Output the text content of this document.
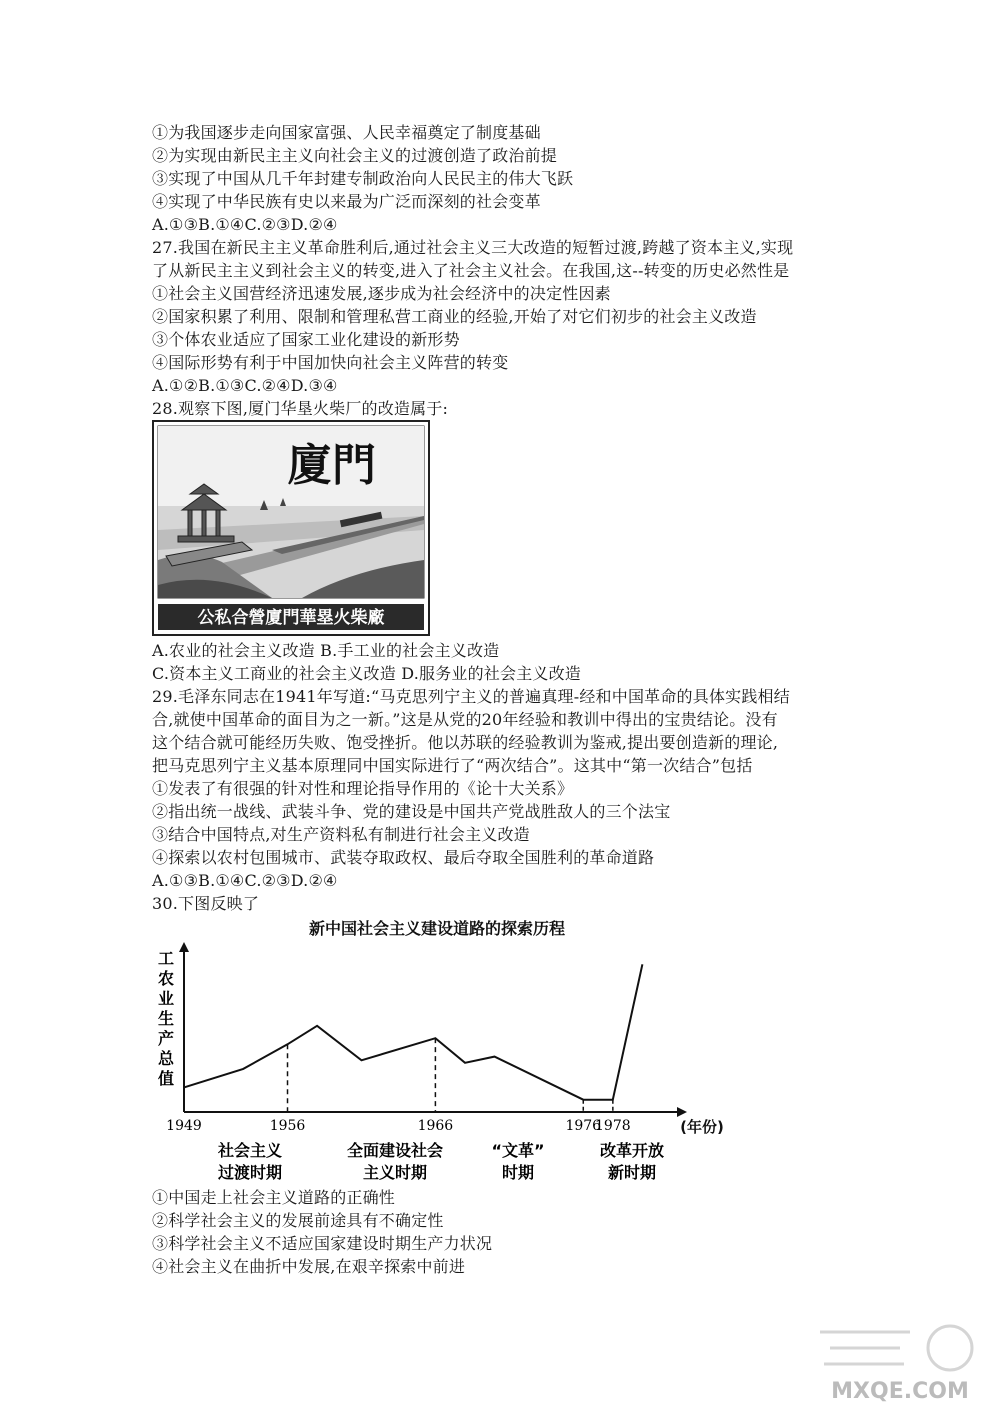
①为我国逐步走向国家富强、人民幸福奠定了制度基础
②为实现由新民主主义向社会主义的过渡创造了政治前提
③实现了中国从几千年封建专制政治向人民民主的伟大飞跃
④实现了中华民族有史以来最为广泛而深刻的社会变革
A.①③B.①④C.②③D.②④
27.我国在新民主主义革命胜利后,通过社会主义三大改造的短暂过渡,跨越了资本主义,实现
了从新民主主义到社会主义的转变,进入了社会主义社会。在我国,这--转变的历史必然性是
①社会主义国营经济迅速发展,逐步成为社会经济中的决定性因素
②国家积累了利用、限制和管理私营工商业的经验,开始了对它们初步的社会主义改造
③个体农业适应了国家工业化建设的新形势
④国际形势有利于中国加快向社会主义阵营的转变
A.①②B.①③C.②④D.③④
28.观察下图,厦门华垦火柴厂的改造属于:
廈門
公私合營廈門華塁火柴廠
A.农业的社会主义改造 B.手工业的社会主义改造
C.资本主义工商业的社会主义改造 D.服务业的社会主义改造
29.毛泽东同志在1941年写道:“马克思列宁主义的普遍真理-经和中国革命的具体实践相结
合,就使中国革命的面目为之一新。”这是从党的20年经验和教训中得出的宝贵结论。没有
这个结合就可能经历失败、饱受挫折。他以苏联的经验教训为鉴戒,提出要创造新的理论,
把马克思列宁主义基本原理同中国实际进行了“两次结合”。这其中“第一次结合”包括
①发表了有很强的针对性和理论指导作用的《论十大关系》
②指出统一战线、武装斗争、党的建设是中国共产党战胜敌人的三个法宝
③结合中国特点,对生产资料私有制进行社会主义改造
④探索以农村包围城市、武装夺取政权、最后夺取全国胜利的革命道路
A.①③B.①④C.②③D.②④
30.下图反映了
新中国社会主义建设道路的探索历程
工
农
业
生
产
总
值
1949	1956	1966	1976
1978	(年份)
社会主义过渡时期
全面建设社会主义时期
“文革”时期
改革开放新时期
①中国走上社会主义道路的正确性
②科学社会主义的发展前途具有不确定性
③科学社会主义不适应国家建设时期生产力状况
④社会主义在曲折中发展,在艰辛探索中前进
MXQE.COM
